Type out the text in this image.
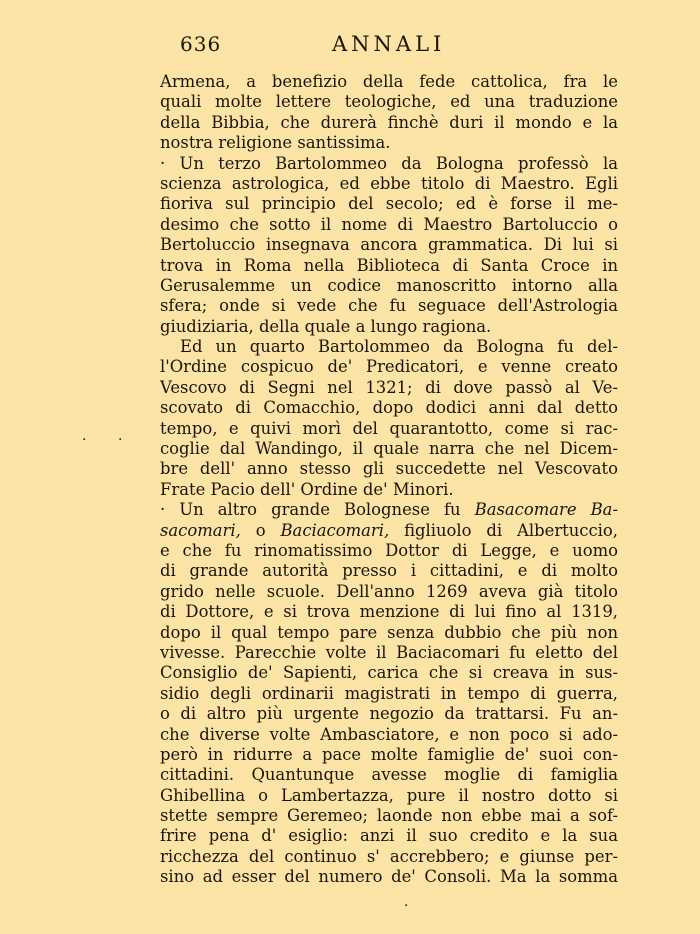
636	ANNALI
Armena, a benefizio della fede cattolica, fra le
quali molte lettere teologiche, ed una traduzione
della Bibbia, che durerà finchè duri il mondo e la
nostra religione santissima.
· Un terzo Bartolommeo da Bologna professò la
scienza astrologica, ed ebbe titolo di Maestro. Egli
fioriva sul principio del secolo; ed è forse il me-
desimo che sotto il nome di Maestro Bartoluccio o
Bertoluccio insegnava ancora grammatica. Di lui si
trova in Roma nella Biblioteca di Santa Croce in
Gerusalemme un codice manoscritto intorno alla
sfera; onde si vede che fu seguace dell'Astrologia
giudiziaria, della quale a lungo ragiona.
Ed un quarto Bartolommeo da Bologna fu del-
l'Ordine cospicuo de' Predicatori, e venne creato
Vescovo di Segni nel 1321; di dove passò al Ve-
scovato di Comacchio, dopo dodici anni dal detto
tempo, e quivi morì del quarantotto, come si rac-
coglie dal Wandingo, il quale narra che nel Dicem-
bre dell' anno stesso gli succedette nel Vescovato
Frate Pacio dell' Ordine de' Minori.
· Un altro grande Bolognese fu Basacomare Ba-
sacomari, o Baciacomari, figliuolo di Albertuccio,
e che fu rinomatissimo Dottor di Legge, e uomo
di grande autorità presso i cittadini, e di molto
grido nelle scuole. Dell'anno 1269 aveva già titolo
di Dottore, e si trova menzione di lui fino al 1319,
dopo il qual tempo pare senza dubbio che più non
vivesse. Parecchie volte il Baciacomari fu eletto del
Consiglio de' Sapienti, carica che si creava in sus-
sidio degli ordinarii magistrati in tempo di guerra,
o di altro più urgente negozio da trattarsi. Fu an-
che diverse volte Ambasciatore, e non poco si ado-
però in ridurre a pace molte famiglie de' suoi con-
cittadini. Quantunque avesse moglie di famiglia
Ghibellina o Lambertazza, pure il nostro dotto si
stette sempre Geremeo; laonde non ebbe mai a sof-
frire pena d' esiglio: anzi il suo credito e la sua
ricchezza del continuo s' accrebbero; e giunse per-
sino ad esser del numero de' Consoli. Ma la somma
· ·
·
